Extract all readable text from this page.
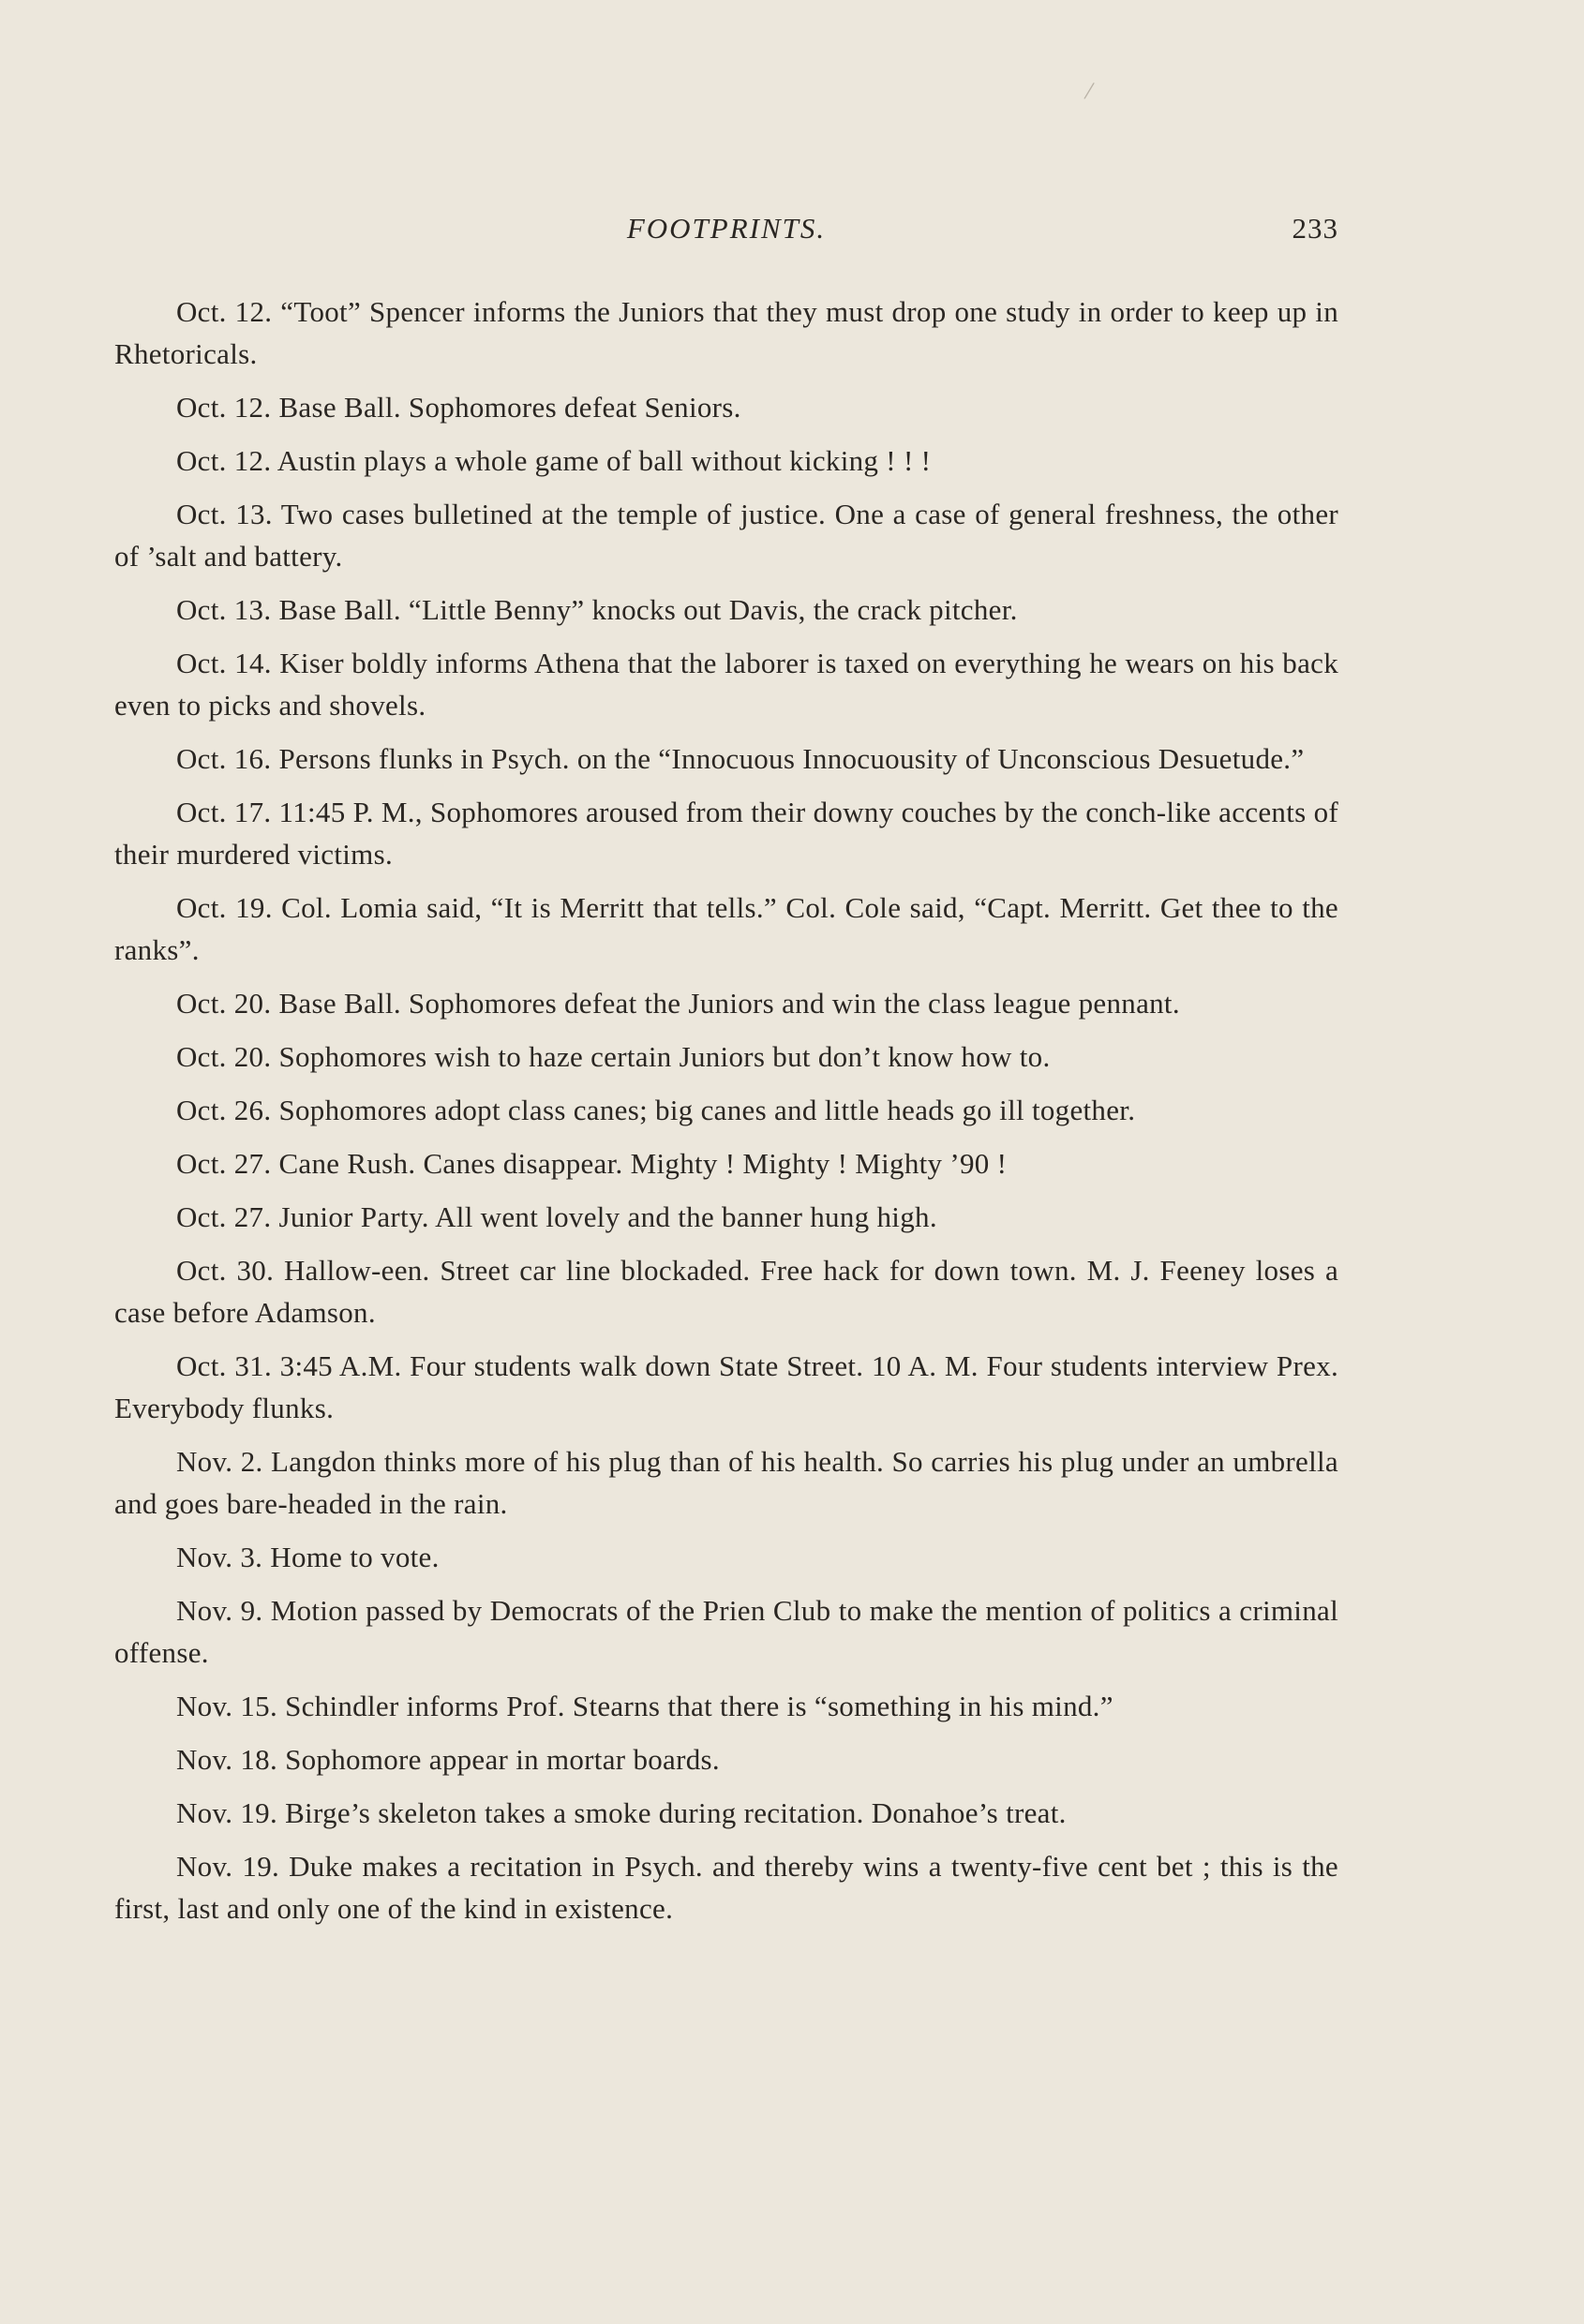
/
FOOTPRINTS.	233

Oct. 12. “Toot” Spencer informs the Juniors that they must drop one study in order to keep up in Rhetoricals.

Oct. 12. Base Ball. Sophomores defeat Seniors.

Oct. 12. Austin plays a whole game of ball without kicking ! ! !

Oct. 13. Two cases bulletined at the temple of justice. One a case of general freshness, the other of ’salt and battery.

Oct. 13. Base Ball. “Little Benny” knocks out Davis, the crack pitcher.

Oct. 14. Kiser boldly informs Athena that the laborer is taxed on everything he wears on his back even to picks and shovels.

Oct. 16. Persons flunks in Psych. on the “Innocuous Innocuousity of Unconscious Desuetude.”

Oct. 17. 11:45 P. M., Sophomores aroused from their downy couches by the conch-like accents of their murdered victims.

Oct. 19. Col. Lomia said, “It is Merritt that tells.” Col. Cole said, “Capt. Merritt. Get thee to the ranks”.

Oct. 20. Base Ball. Sophomores defeat the Juniors and win the class league pennant.

Oct. 20. Sophomores wish to haze certain Juniors but don’t know how to.

Oct. 26. Sophomores adopt class canes; big canes and little heads go ill together.

Oct. 27. Cane Rush. Canes disappear. Mighty ! Mighty ! Mighty ’90 !

Oct. 27. Junior Party. All went lovely and the banner hung high.

Oct. 30. Hallow-een. Street car line blockaded. Free hack for down town. M. J. Feeney loses a case before Adamson.

Oct. 31. 3:45 A.M. Four students walk down State Street. 10 A. M. Four students interview Prex. Everybody flunks.

Nov. 2. Langdon thinks more of his plug than of his health. So carries his plug under an umbrella and goes bare-headed in the rain.

Nov. 3. Home to vote.

Nov. 9. Motion passed by Democrats of the Prien Club to make the mention of politics a criminal offense.

Nov. 15. Schindler informs Prof. Stearns that there is “something in his mind.”

Nov. 18. Sophomore appear in mortar boards.

Nov. 19. Birge’s skeleton takes a smoke during recitation. Donahoe’s treat.

Nov. 19. Duke makes a recitation in Psych. and thereby wins a twenty-five cent bet ; this is the first, last and only one of the kind in existence.
